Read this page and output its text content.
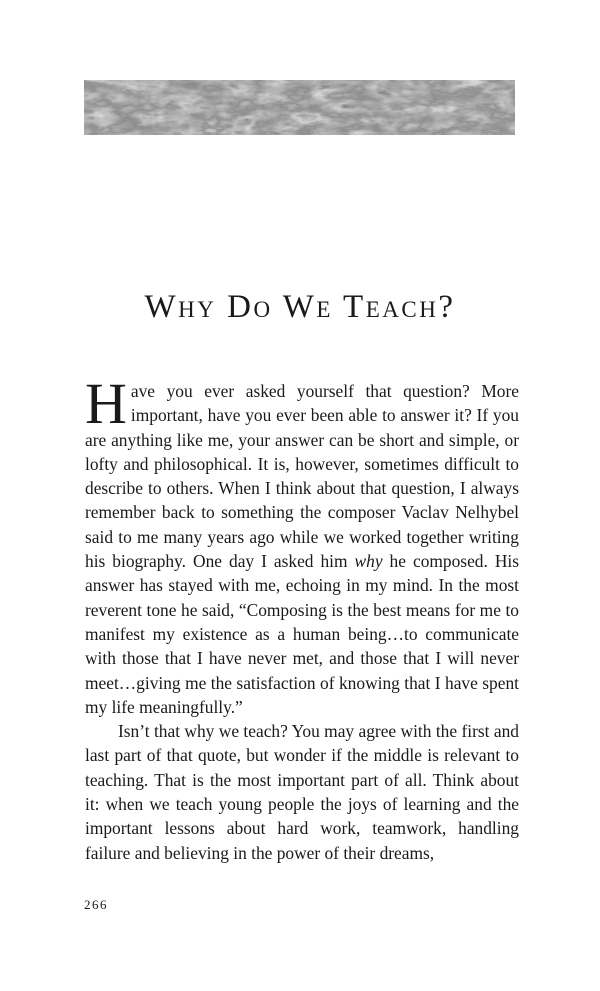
Why Do We Teach?

Have you ever asked yourself that question? More important, have you ever been able to answer it? If you are anything like me, your answer can be short and simple, or lofty and philosophical. It is, however, sometimes difficult to describe to others. When I think about that question, I always remember back to something the composer Vaclav Nelhybel said to me many years ago while we worked together writing his biography. One day I asked him why he composed. His answer has stayed with me, echoing in my mind. In the most reverent tone he said, “Composing is the best means for me to manifest my existence as a human being…to communicate with those that I have never met, and those that I will never meet…giving me the satisfaction of knowing that I have spent my life meaningfully.”

Isn’t that why we teach? You may agree with the first and last part of that quote, but wonder if the middle is relevant to teaching. That is the most important part of all. Think about it: when we teach young people the joys of learning and the important lessons about hard work, teamwork, handling failure and believing in the power of their dreams,

266
